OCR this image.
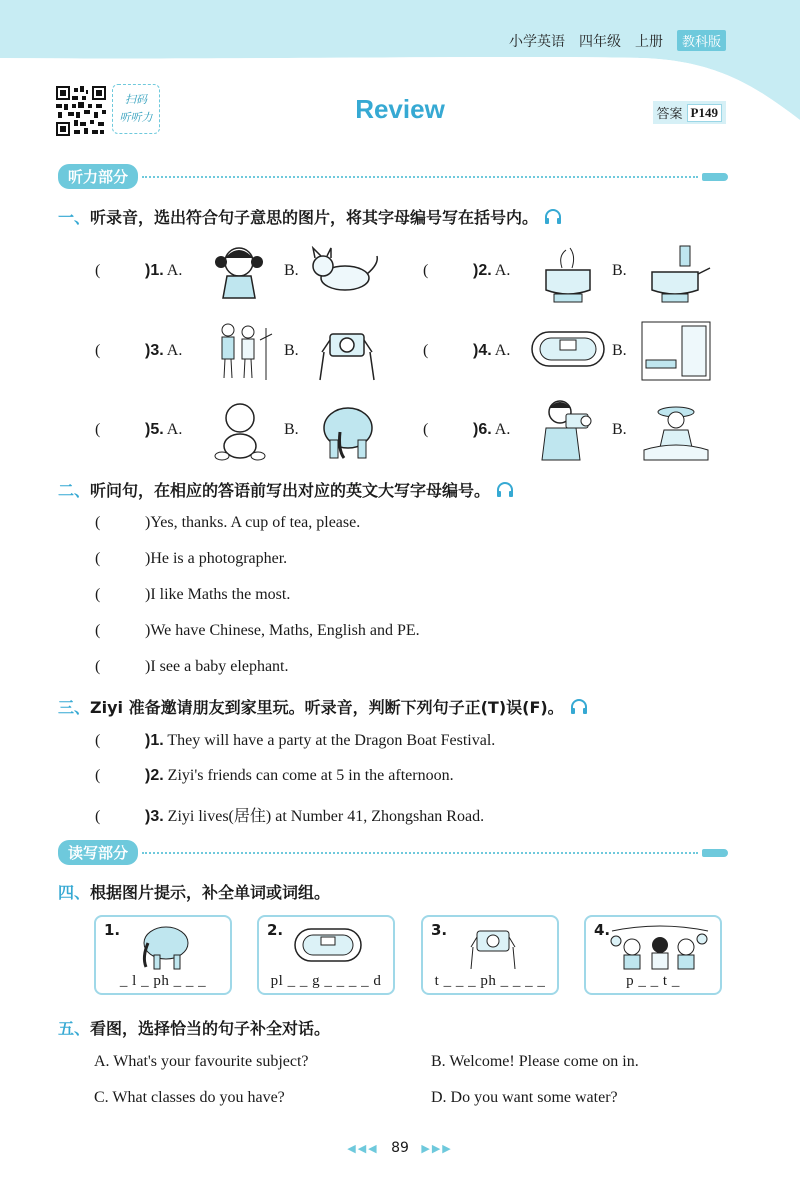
小学英语 四年级 上册	教科版
扫码
听听力	Review	答案 P149
听力部分
一、 听录音，选出符合句子意思的图片，将其字母编号写在括号内。
(	)1. A.	B.	(	)2. A.	B.
(	)3. A.	B.	(	)4. A.	B.
(	)5. A.	B.	(	)6. A.	B.
二、 听问句，在相应的答语前写出对应的英文大写字母编号。
(	)Yes, thanks. A cup of tea, please.
(	)He is a photographer.
(	)I like Maths the most.
(	)We have Chinese, Maths, English and PE.
(	)I see a baby elephant.
三、 Ziyi 准备邀请朋友到家里玩。听录音，判断下列句子正(T)误(F)。
(	)1. They will have a party at the Dragon Boat Festival.
(	)2. Ziyi's friends can come at 5 in the afternoon.
(	)3. Ziyi lives(居住) at Number 41, Zhongshan Road.
读写部分
四、 根据图片提示，补全单词或词组。
1.
_ l _ ph _ _ _
2.
pl _ _ g _ _ _ _ d
3.
t _ _ _ ph _ _ _ _
4.
p _ _ t _
五、 看图，选择恰当的句子补全对话。
A. What's your favourite subject?	B. Welcome! Please come on in.
C. What classes do you have?	D. Do you want some water?
◀◀◀ 89 ▶▶▶
